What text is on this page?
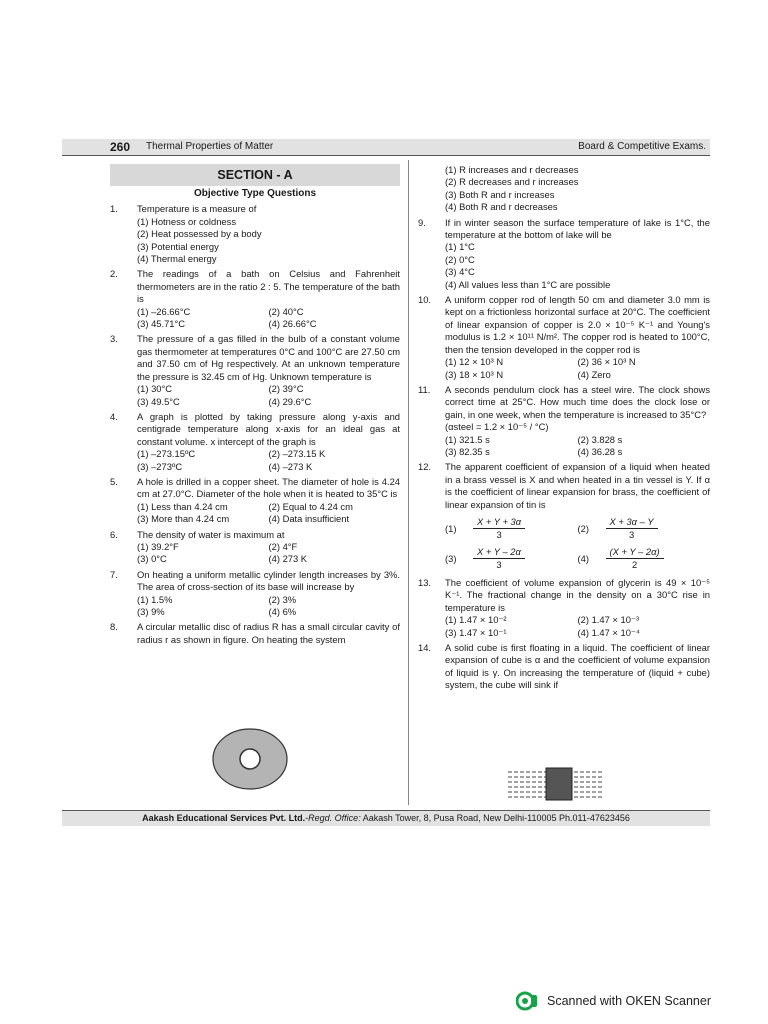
260 Thermal Properties of Matter	Board & Competitive Exams.
SECTION - A
Objective Type Questions
1. Temperature is a measure of
(1) Hotness or coldness
(2) Heat possessed by a body
(3) Potential energy
(4) Thermal energy
2. The readings of a bath on Celsius and Fahrenheit thermometers are in the ratio 2 : 5. The temperature of the bath is
(1) –26.66°C	(2) 40°C
(3) 45.71°C	(4) 26.66°C
3. The pressure of a gas filled in the bulb of a constant volume gas thermometer at temperatures 0°C and 100°C are 27.50 cm and 37.50 cm of Hg respectively. At an unknown temperature the pressure is 32.45 cm of Hg. Unknown temperature is
(1) 30°C	(2) 39°C
(3) 49.5°C	(4) 29.6°C
4. A graph is plotted by taking pressure along y-axis and centigrade temperature along x-axis for an ideal gas at constant volume. x intercept of the graph is
(1) –273.15ºC	(2) –273.15 K
(3) –273ºC	(4) –273 K
5. A hole is drilled in a copper sheet. The diameter of hole is 4.24 cm at 27.0°C. Diameter of the hole when it is heated to 35°C is
(1) Less than 4.24 cm	(2) Equal to 4.24 cm
(3) More than 4.24 cm	(4) Data insufficient
6. The density of water is maximum at
(1) 39.2°F	(2) 4°F
(3) 0°C	(4) 273 K
7. On heating a uniform metallic cylinder length increases by 3%. The area of cross-section of its base will increase by
(1) 1.5%	(2) 3%
(3) 9%	(4) 6%
8. A circular metallic disc of radius R has a small circular cavity of radius r as shown in figure. On heating the system
(1) R increases and r decreases
(2) R decreases and r increases
(3) Both R and r increases
(4) Both R and r decreases
9. If in winter season the surface temperature of lake is 1°C, the temperature at the bottom of lake will be
(1) 1°C
(2) 0°C
(3) 4°C
(4) All values less than 1°C are possible
10. A uniform copper rod of length 50 cm and diameter 3.0 mm is kept on a frictionless horizontal surface at 20°C. The coefficient of linear expansion of copper is 2.0 × 10⁻⁵ K⁻¹ and Young's modulus is 1.2 × 10¹¹ N/m². The copper rod is heated to 100°C, then the tension developed in the copper rod is
(1) 12 × 10³ N	(2) 36 × 10³ N
(3) 18 × 10³ N	(4) Zero
11. A seconds pendulum clock has a steel wire. The clock shows correct time at 25°C. How much time does the clock lose or gain, in one week, when the temperature is increased to 35°C?
(αsteel = 1.2 × 10⁻⁵ / °C)
(1) 321.5 s	(2) 3.828 s
(3) 82.35 s	(4) 36.28 s
12. The apparent coefficient of expansion of a liquid when heated in a brass vessel is X and when heated in a tin vessel is Y. If α is the coefficient of linear expansion for brass, the coefficient of linear expansion of tin is
(1)	$\frac{X + Y + 3\alpha}{3}$	(2)	$\frac{X + 3\alpha - Y}{3}$
(3)	$\frac{X + Y - 2\alpha}{3}$	(4)	$\frac{(X + Y - 2\alpha)}{2}$
13. The coefficient of volume expansion of glycerin is 49 × 10⁻⁵ K⁻¹. The fractional change in the density on a 30°C rise in temperature is
(1) 1.47 × 10⁻²	(2) 1.47 × 10⁻³
(3) 1.47 × 10⁻¹	(4) 1.47 × 10⁻⁴
14. A solid cube is first floating in a liquid. The coefficient of linear expansion of cube is α and the coefficient of volume expansion of liquid is γ. On increasing the temperature of (liquid + cube) system, the cube will sink if
Aakash Educational Services Pvt. Ltd.-Regd. Office: Aakash Tower, 8, Pusa Road, New Delhi-110005 Ph.011-47623456
Scanned with OKEN Scanner
